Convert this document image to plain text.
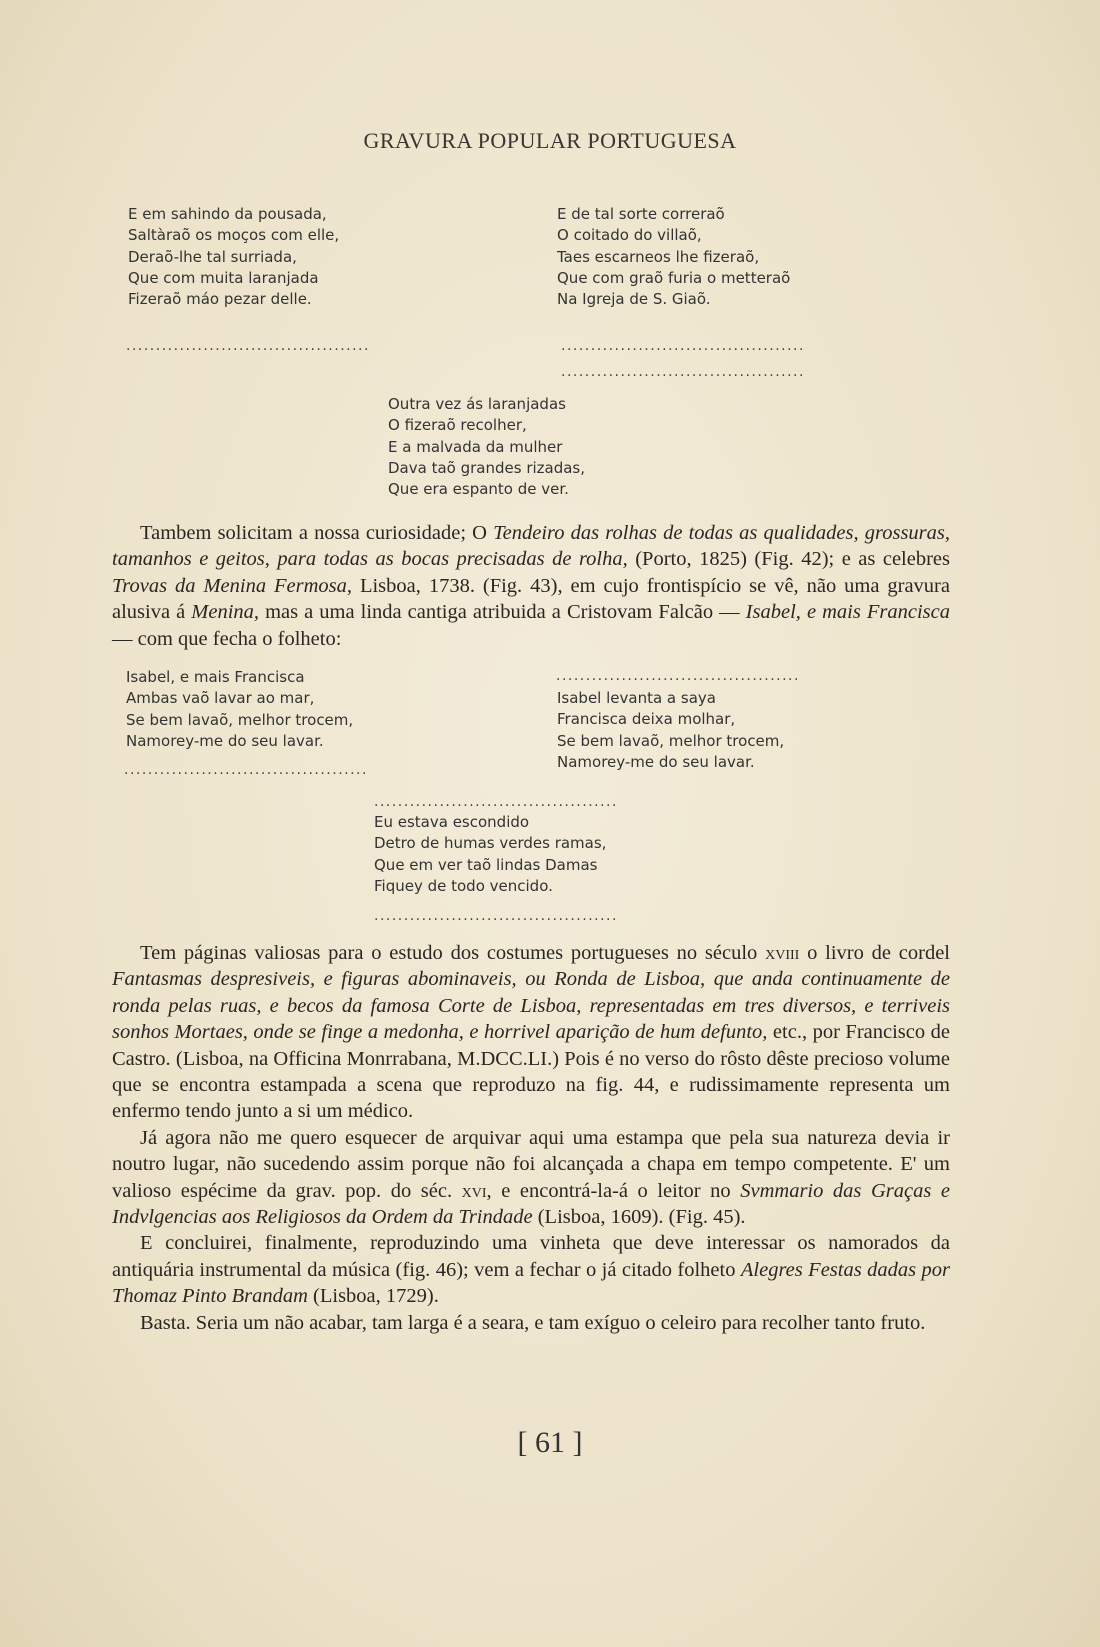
GRAVURA POPULAR PORTUGUESA
E em sahindo da pousada,
Saltàraõ os moços com elle,
Deraõ-lhe tal surriada,
Que com muita laranjada
Fizeraõ máo pezar delle.
E de tal sorte correraõ
O coitado do villaõ,
Taes escarneos lhe fizeraõ,
Que com graõ furia o metteraõ
Na Igreja de S. Giaõ.
.........................................	.........................................
.........................................
Outra vez ás laranjadas
O fizeraõ recolher,
E a malvada da mulher
Dava taõ grandes rizadas,
Que era espanto de ver.

Tambem solicitam a nossa curiosidade; O Tendeiro das rolhas de todas as qualidades, grossuras, tamanhos e geitos, para todas as bocas precisadas de rolha, (Porto, 1825) (Fig. 42); e as celebres Trovas da Menina Fermosa, Lisboa, 1738. (Fig. 43), em cujo frontispício se vê, não uma gravura alusiva á Menina, mas a uma linda cantiga atribuida a Cristovam Falcão — Isabel, e mais Francisca — com que fecha o folheto:

Isabel, e mais Francisca
Ambas vaõ lavar ao mar,
Se bem lavaõ, melhor trocem,
Namorey-me do seu lavar.
.........................................
.........................................
Isabel levanta a saya
Francisca deixa molhar,
Se bem lavaõ, melhor trocem,
Namorey-me do seu lavar.
.........................................
Eu estava escondido
Detro de humas verdes ramas,
Que em ver taõ lindas Damas
Fiquey de todo vencido.
.........................................

Tem páginas valiosas para o estudo dos costumes portugueses no século xviii o livro de cordel Fantasmas despresiveis, e figuras abominaveis, ou Ronda de Lisboa, que anda continuamente de ronda pelas ruas, e becos da famosa Corte de Lisboa, representadas em tres diversos, e terriveis sonhos Mortaes, onde se finge a medonha, e horrivel aparição de hum defunto, etc., por Francisco de Castro. (Lisboa, na Officina Monrrabana, M.DCC.LI.) Pois é no verso do rôsto dêste precioso volume que se encontra estampada a scena que reproduzo na fig. 44, e rudissimamente representa um enfermo tendo junto a si um médico.

Já agora não me quero esquecer de arquivar aqui uma estampa que pela sua natureza devia ir noutro lugar, não sucedendo assim porque não foi alcançada a chapa em tempo competente. E' um valioso espécime da grav. pop. do séc. xvi, e encontrá-la-á o leitor no Svmmario das Graças e Indvlgencias aos Religiosos da Ordem da Trindade (Lisboa, 1609). (Fig. 45).

E concluirei, finalmente, reproduzindo uma vinheta que deve interessar os namorados da antiquária instrumental da música (fig. 46); vem a fechar o já citado folheto Alegres Festas dadas por Thomaz Pinto Brandam (Lisboa, 1729).

Basta. Seria um não acabar, tam larga é a seara, e tam exíguo o celeiro para recolher tanto fruto.

[ 61 ]
